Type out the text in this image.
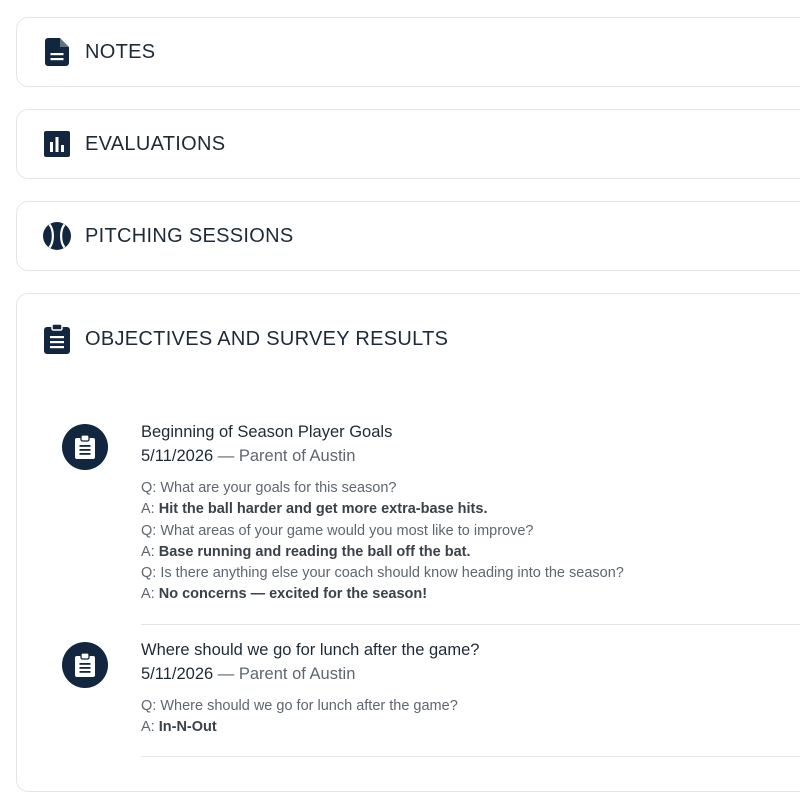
NOTES
EVALUATIONS
PITCHING SESSIONS
OBJECTIVES AND SURVEY RESULTS
Beginning of Season Player Goals
5/11/2026 — Parent of Austin
Q: What are your goals for this season?
A: Hit the ball harder and get more extra-base hits.
Q: What areas of your game would you most like to improve?
A: Base running and reading the ball off the bat.
Q: Is there anything else your coach should know heading into the season?
A: No concerns — excited for the season!
Where should we go for lunch after the game?
5/11/2026 — Parent of Austin
Q: Where should we go for lunch after the game?
A: In-N-Out
